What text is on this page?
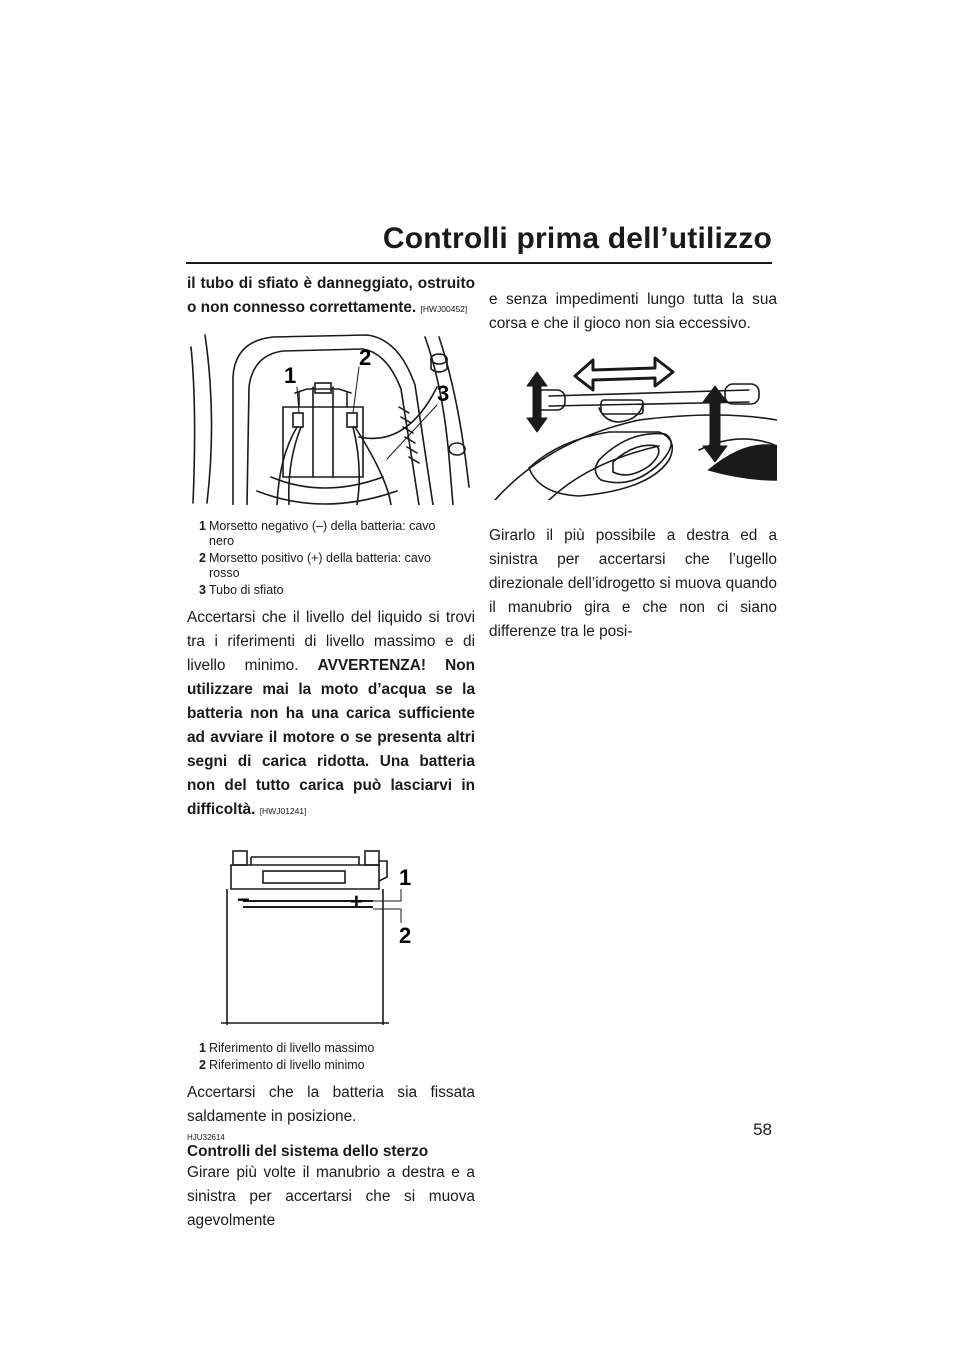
Controlli prima dell’utilizzo

il tubo di sfiato è danneggiato, ostruito o non connesso correttamente. [HWJ00452]

1
2
3
1 Morsetto negativo (–) della batteria: cavo nero
2 Morsetto positivo (+) della batteria: cavo rosso
3 Tubo di sfiato

Accertarsi che il livello del liquido si trovi tra i riferimenti di livello massimo e di livello minimo. AVVERTENZA! Non utilizzare mai la moto d’acqua se la batteria non ha una carica sufficiente ad avviare il motore o se presenta altri segni di carica ridotta. Una batteria non del tutto carica può lasciarvi in difficoltà. [HWJ01241]

−	+
1
2
1 Riferimento di livello massimo
2 Riferimento di livello minimo

Accertarsi che la batteria sia fissata saldamente in posizione.

HJU32614
Controlli del sistema dello sterzo

Girare più volte il manubrio a destra e a sinistra per accertarsi che si muova agevolmente

e senza impedimenti lungo tutta la sua corsa e che il gioco non sia eccessivo.

Girarlo il più possibile a destra ed a sinistra per accertarsi che l’ugello direzionale dell’idrogetto si muova quando il manubrio gira e che non ci siano differenze tra le posi-

58
